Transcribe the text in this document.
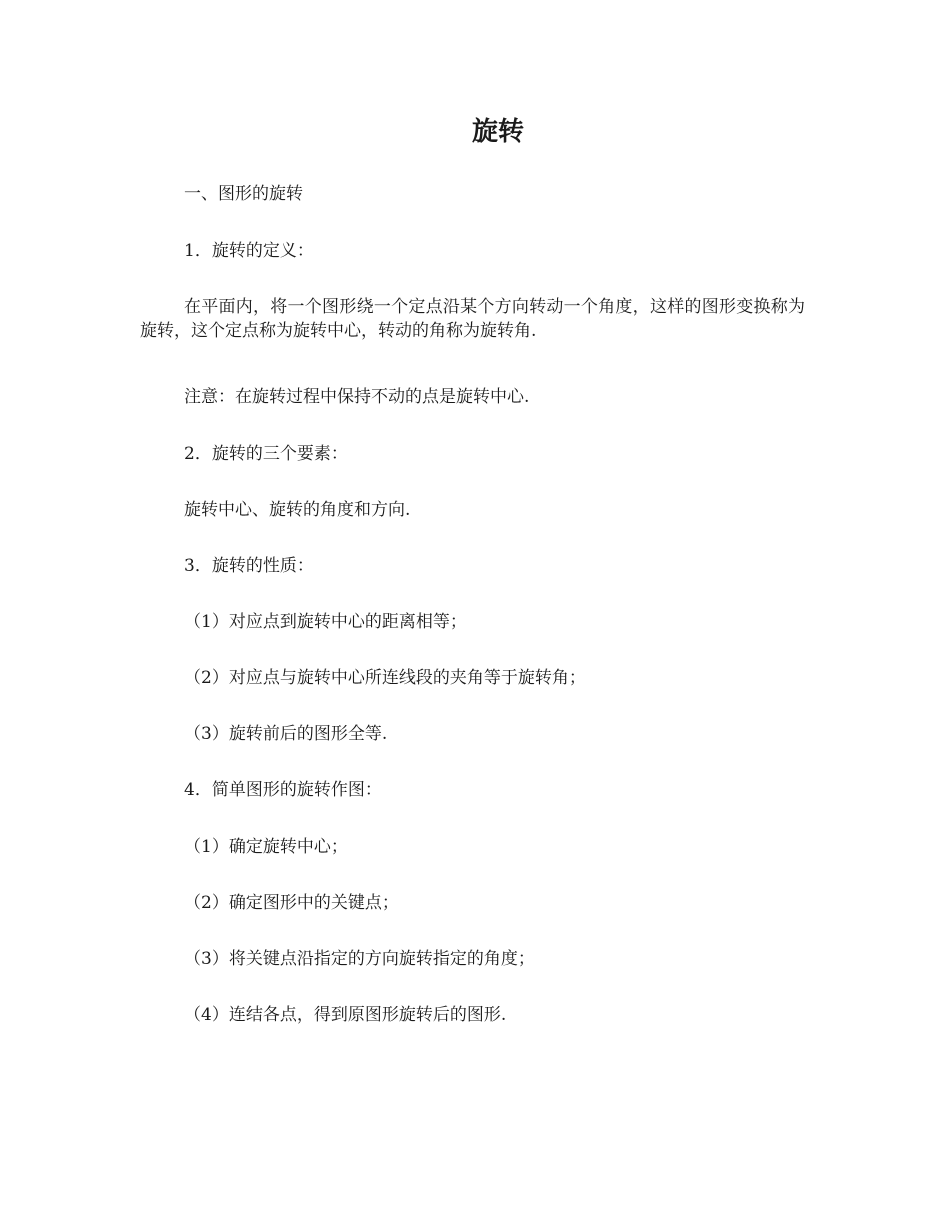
旋转

一、图形的旋转

1．旋转的定义：

在平面内，将一个图形绕一个定点沿某个方向转动一个角度，这样的图形变换称为旋转，这个定点称为旋转中心，转动的角称为旋转角.

注意：在旋转过程中保持不动的点是旋转中心.

2．旋转的三个要素：

旋转中心、旋转的角度和方向.

3．旋转的性质：

（1）对应点到旋转中心的距离相等；

（2）对应点与旋转中心所连线段的夹角等于旋转角；

（3）旋转前后的图形全等.

4．简单图形的旋转作图：

（1）确定旋转中心；

（2）确定图形中的关键点；

（3）将关键点沿指定的方向旋转指定的角度；

（4）连结各点，得到原图形旋转后的图形.
